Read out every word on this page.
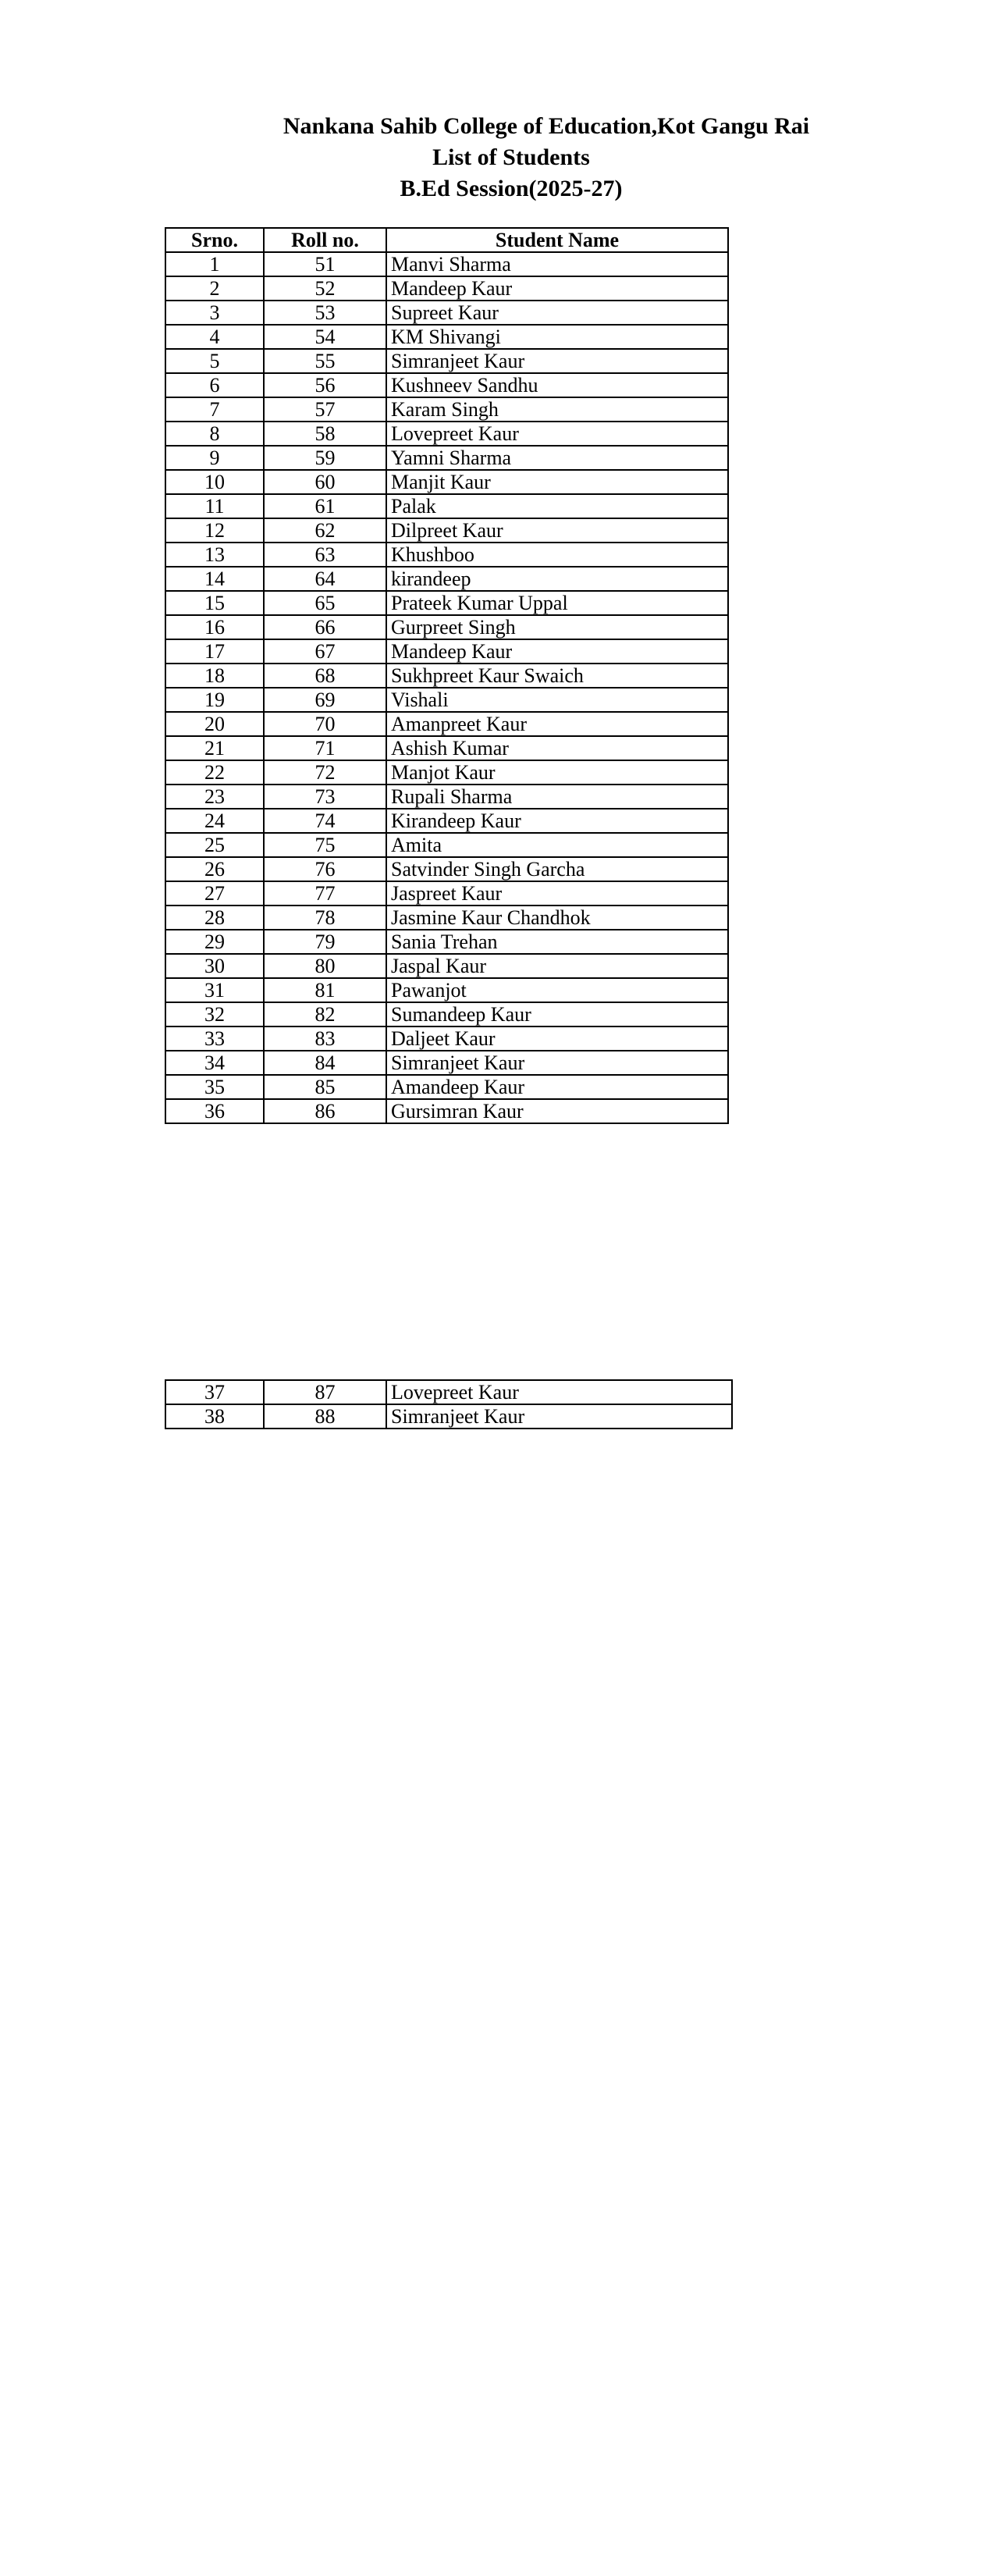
Nankana Sahib College of Education,Kot Gangu Rai
List of Students
B.Ed Session(2025-27)
Srno.	Roll no.	Student Name
1	51	Manvi Sharma
2	52	Mandeep Kaur
3	53	Supreet Kaur
4	54	KM Shivangi
5	55	Simranjeet Kaur
6	56	Kushneev Sandhu
7	57	Karam Singh
8	58	Lovepreet Kaur
9	59	Yamni Sharma
10	60	Manjit Kaur
11	61	Palak
12	62	Dilpreet Kaur
13	63	Khushboo
14	64	kirandeep
15	65	Prateek Kumar Uppal
16	66	Gurpreet Singh
17	67	Mandeep Kaur
18	68	Sukhpreet Kaur Swaich
19	69	Vishali
20	70	Amanpreet Kaur
21	71	Ashish Kumar
22	72	Manjot Kaur
23	73	Rupali Sharma
24	74	Kirandeep Kaur
25	75	Amita
26	76	Satvinder Singh Garcha
27	77	Jaspreet Kaur
28	78	Jasmine Kaur Chandhok
29	79	Sania Trehan
30	80	Jaspal Kaur
31	81	Pawanjot
32	82	Sumandeep Kaur
33	83	Daljeet Kaur
34	84	Simranjeet Kaur
35	85	Amandeep Kaur
36	86	Gursimran Kaur
37	87	Lovepreet Kaur
38	88	Simranjeet Kaur
